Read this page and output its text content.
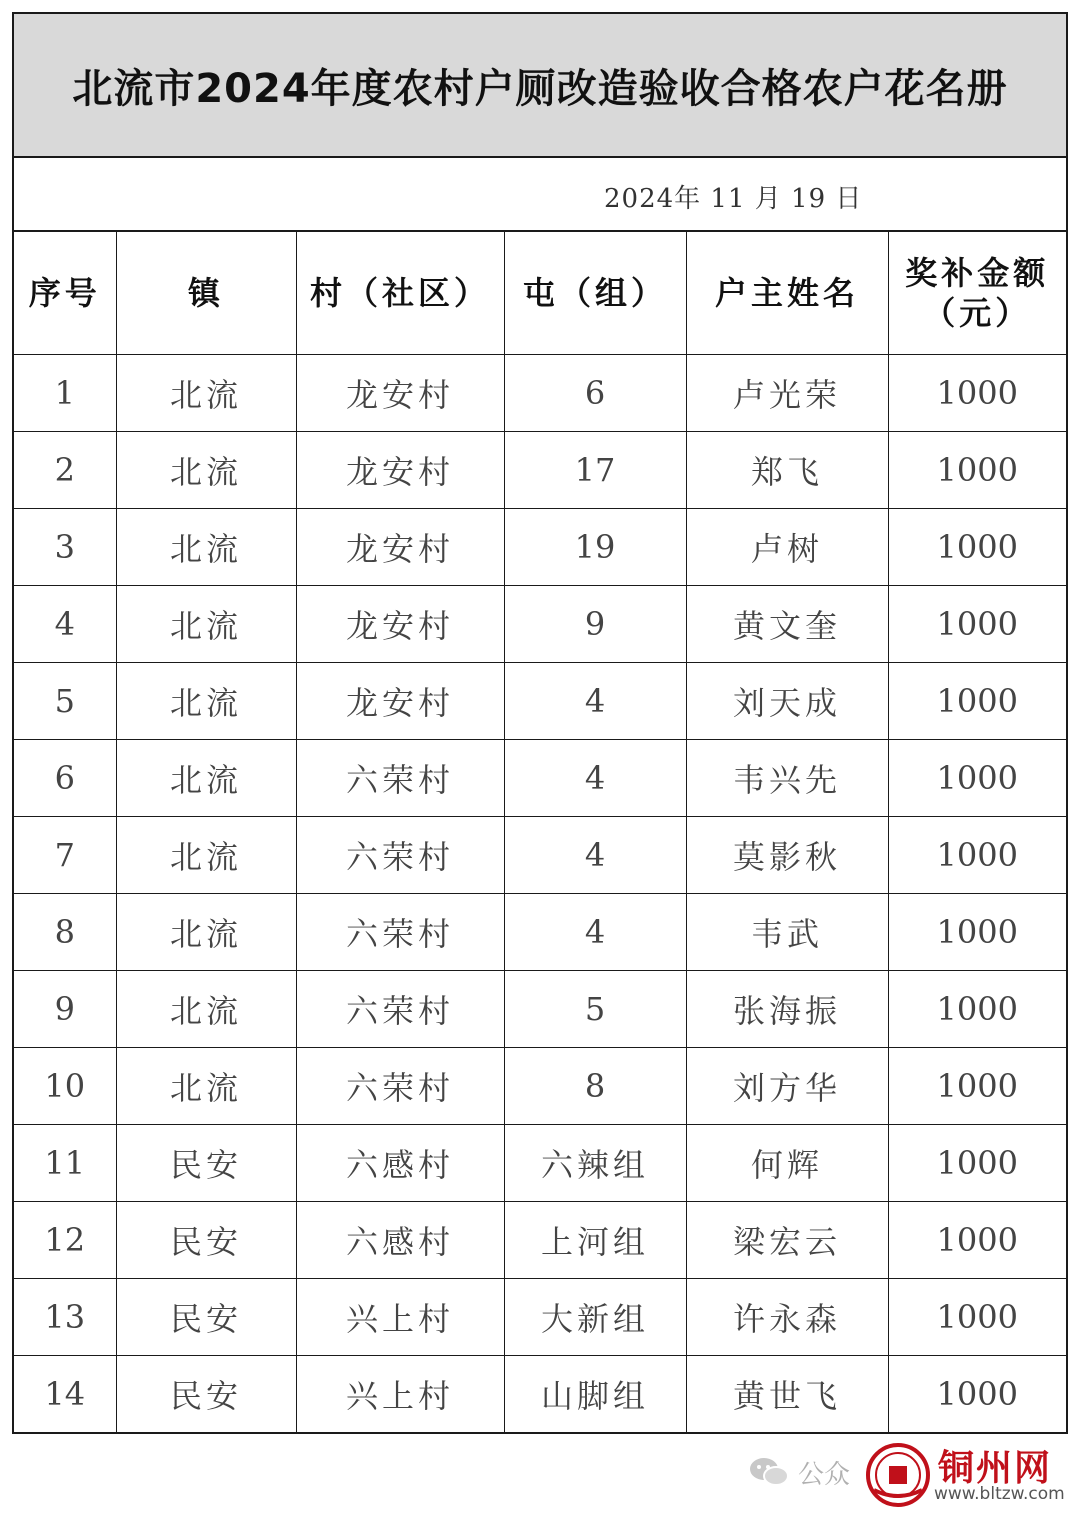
北流市2024年度农村户厕改造验收合格农户花名册
2024年 11 月 19 日
序号	镇	村（社区）	屯（组）	户主姓名	奖补金额
（元）

1	北流	龙安村	6	卢光荣	1000
2	北流	龙安村	17	郑飞	1000
3	北流	龙安村	19	卢树	1000
4	北流	龙安村	9	黄文奎	1000
5	北流	龙安村	4	刘天成	1000
6	北流	六荣村	4	韦兴先	1000
7	北流	六荣村	4	莫影秋	1000
8	北流	六荣村	4	韦武	1000
9	北流	六荣村	5	张海振	1000
10	北流	六荣村	8	刘方华	1000
11	民安	六感村	六辣组	何辉	1000
12	民安	六感村	上河组	梁宏云	1000
13	民安	兴上村	大新组	许永森	1000
14	民安	兴上村	山脚组	黄世飞	1000
公众 铜州网
www.bltzw.com
